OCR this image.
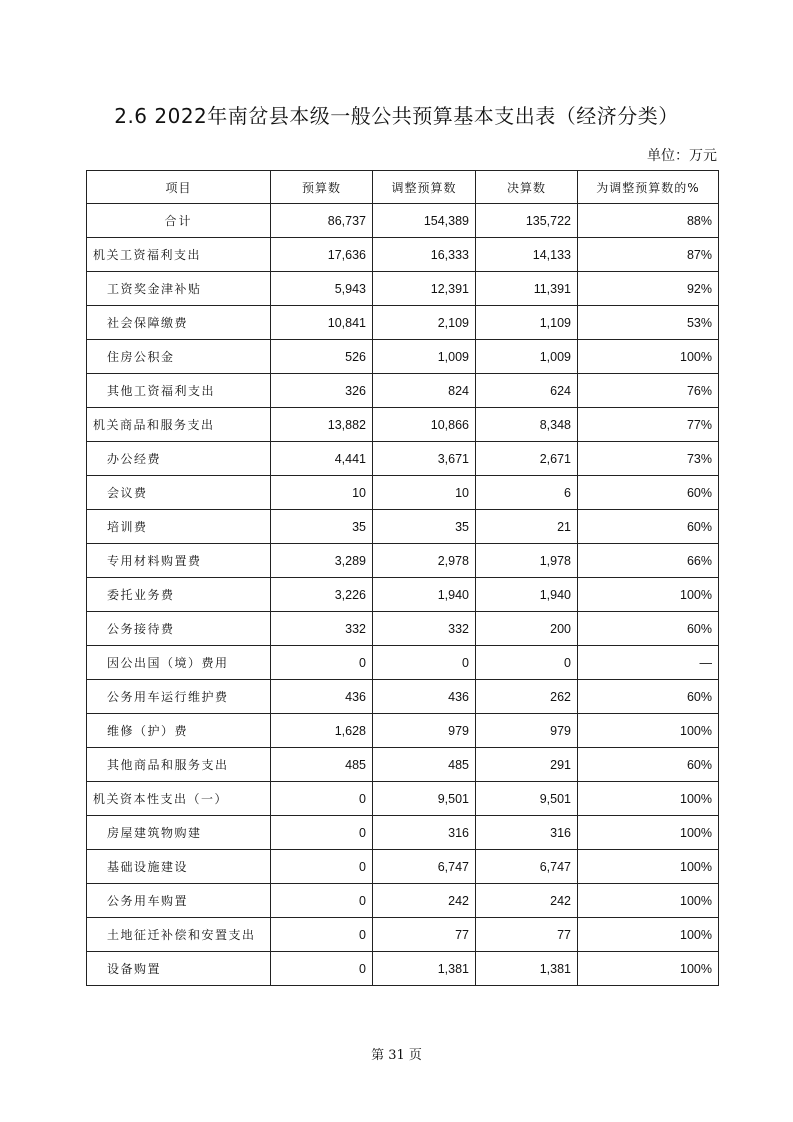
2.6 2022年南岔县本级一般公共预算基本支出表（经济分类）
单位：万元
项目	预算数	调整预算数	决算数	为调整预算数的%
合计	86,737	154,389	135,722	88%
机关工资福利支出	17,636	16,333	14,133	87%
工资奖金津补贴	5,943	12,391	11,391	92%
社会保障缴费	10,841	2,109	1,109	53%
住房公积金	526	1,009	1,009	100%
其他工资福利支出	326	824	624	76%
机关商品和服务支出	13,882	10,866	8,348	77%
办公经费	4,441	3,671	2,671	73%
会议费	10	10	6	60%
培训费	35	35	21	60%
专用材料购置费	3,289	2,978	1,978	66%
委托业务费	3,226	1,940	1,940	100%
公务接待费	332	332	200	60%
因公出国（境）费用	0	0	0	—
公务用车运行维护费	436	436	262	60%
维修（护）费	1,628	979	979	100%
其他商品和服务支出	485	485	291	60%
机关资本性支出（一）	0	9,501	9,501	100%
房屋建筑物购建	0	316	316	100%
基础设施建设	0	6,747	6,747	100%
公务用车购置	0	242	242	100%
土地征迁补偿和安置支出	0	77	77	100%
设备购置	0	1,381	1,381	100%
第 31 页
